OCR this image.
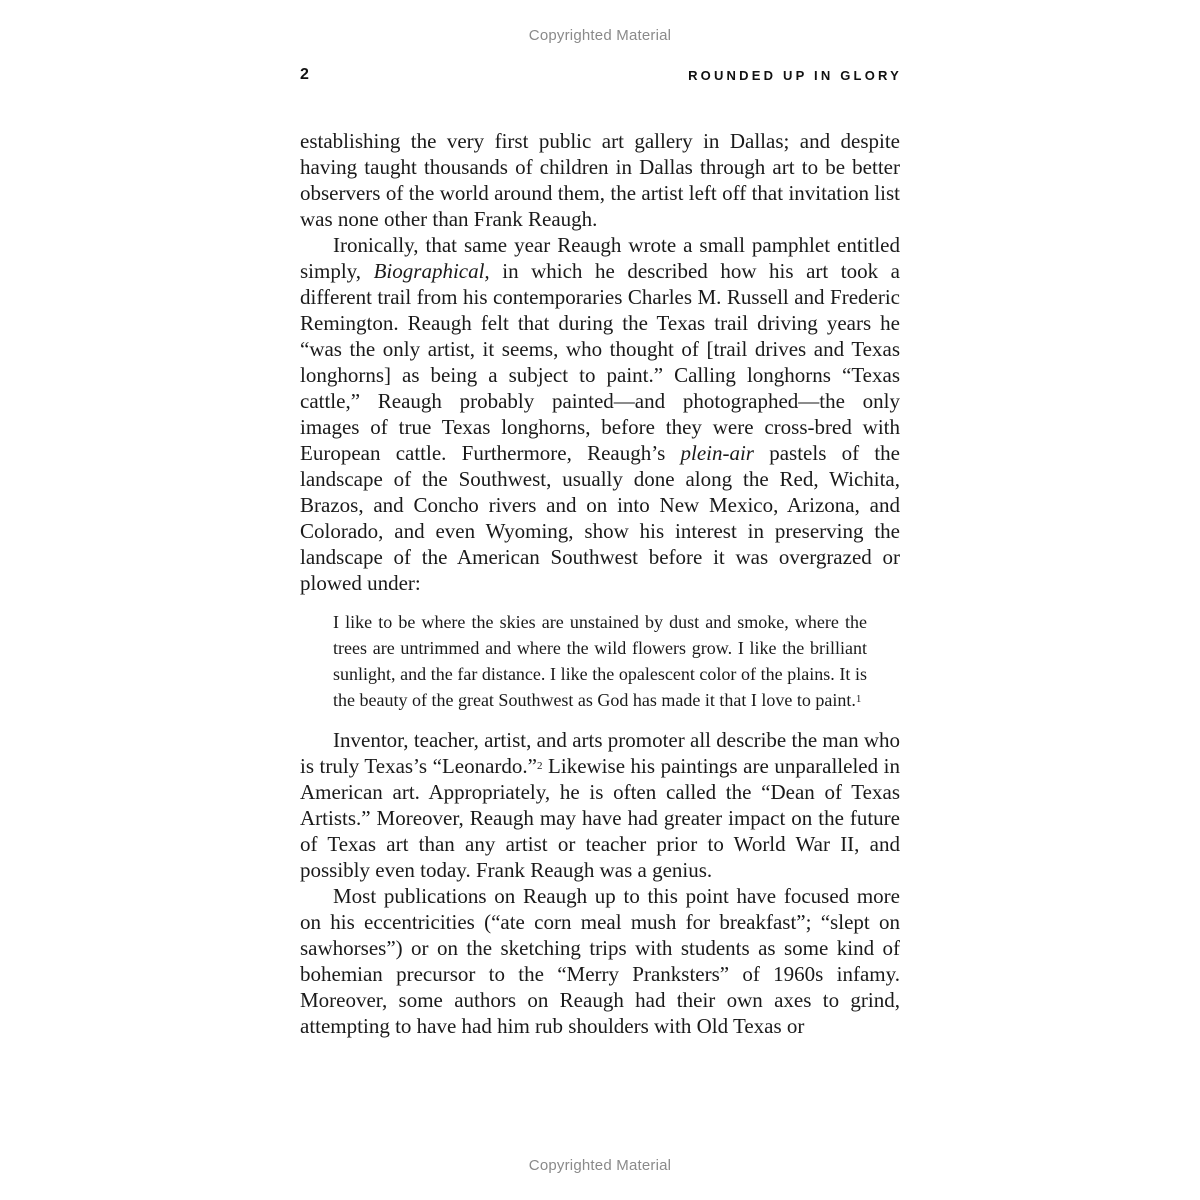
Copyrighted Material
2	ROUNDED UP IN GLORY

establishing the very first public art gallery in Dallas; and despite having taught thousands of children in Dallas through art to be better observers of the world around them, the artist left off that invitation list was none other than Frank Reaugh.

Ironically, that same year Reaugh wrote a small pamphlet entitled simply, Biographical, in which he described how his art took a different trail from his contemporaries Charles M. Russell and Frederic Remington. Reaugh felt that during the Texas trail driving years he “was the only artist, it seems, who thought of [trail drives and Texas longhorns] as being a subject to paint.” Calling longhorns “Texas cattle,” Reaugh probably painted—and photographed—the only images of true Texas longhorns, before they were cross-bred with European cattle. Furthermore, Reaugh’s plein-air pastels of the landscape of the Southwest, usually done along the Red, Wichita, Brazos, and Concho rivers and on into New Mexico, Arizona, and Colorado, and even Wyoming, show his interest in preserving the landscape of the American Southwest before it was overgrazed or plowed under:

I like to be where the skies are unstained by dust and smoke, where the trees are untrimmed and where the wild flowers grow. I like the brilliant sunlight, and the far distance. I like the opalescent color of the plains. It is the beauty of the great Southwest as God has made it that I love to paint.$^1$

Inventor, teacher, artist, and arts promoter all describe the man who is truly Texas’s “Leonardo.”$^2$ Likewise his paintings are unparalleled in American art. Appropriately, he is often called the “Dean of Texas Artists.” Moreover, Reaugh may have had greater impact on the future of Texas art than any artist or teacher prior to World War II, and possibly even today. Frank Reaugh was a genius.

Most publications on Reaugh up to this point have focused more on his eccentricities (“ate corn meal mush for breakfast”; “slept on sawhorses”) or on the sketching trips with students as some kind of bohemian precursor to the “Merry Pranksters” of 1960s infamy. Moreover, some authors on Reaugh had their own axes to grind, attempting to have had him rub shoulders with Old Texas or

Copyrighted Material
